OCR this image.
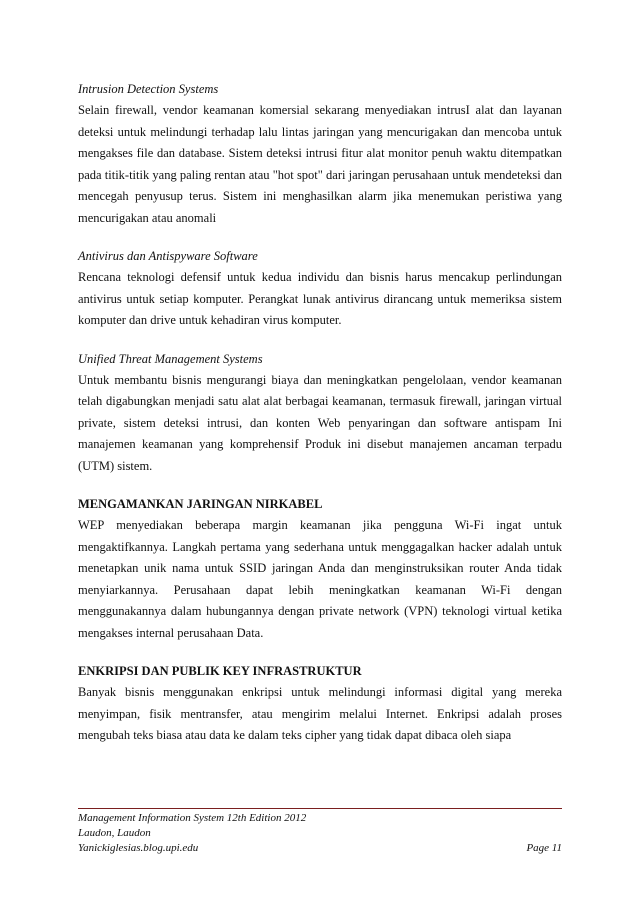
Intrusion Detection Systems

Selain firewall, vendor keamanan komersial sekarang menyediakan intrusI alat dan layanan deteksi untuk melindungi terhadap lalu lintas jaringan yang mencurigakan dan mencoba untuk mengakses file dan database. Sistem deteksi intrusi fitur alat monitor penuh waktu ditempatkan pada titik-titik yang paling rentan atau "hot spot" dari jaringan perusahaan untuk mendeteksi dan mencegah penyusup terus. Sistem ini menghasilkan alarm jika menemukan peristiwa yang mencurigakan atau anomali

Antivirus dan Antispyware Software

Rencana teknologi defensif untuk kedua individu dan bisnis harus mencakup perlindungan antivirus untuk setiap komputer. Perangkat lunak antivirus dirancang untuk memeriksa sistem komputer dan drive untuk kehadiran virus komputer.

Unified Threat Management Systems

Untuk membantu bisnis mengurangi biaya dan meningkatkan pengelolaan, vendor keamanan telah digabungkan menjadi satu alat alat berbagai keamanan, termasuk firewall, jaringan virtual private, sistem deteksi intrusi, dan konten Web penyaringan dan software antispam Ini manajemen keamanan yang komprehensif Produk ini disebut manajemen ancaman terpadu (UTM) sistem.

MENGAMANKAN JARINGAN NIRKABEL

WEP menyediakan beberapa margin keamanan jika pengguna Wi-Fi ingat untuk mengaktifkannya. Langkah pertama yang sederhana untuk menggagalkan hacker adalah untuk menetapkan unik nama untuk SSID jaringan Anda dan menginstruksikan router Anda tidak menyiarkannya. Perusahaan dapat lebih meningkatkan keamanan Wi-Fi dengan menggunakannya dalam hubungannya dengan private network (VPN) teknologi virtual ketika mengakses internal perusahaan Data.

ENKRIPSI DAN PUBLIK KEY INFRASTRUKTUR

Banyak bisnis menggunakan enkripsi untuk melindungi informasi digital yang mereka menyimpan, fisik mentransfer, atau mengirim melalui Internet. Enkripsi adalah proses mengubah teks biasa atau data ke dalam teks cipher yang tidak dapat dibaca oleh siapa

Management Information System 12th Edition 2012
Laudon, Laudon
Yanickiglesias.blog.upi.edu	Page 11
